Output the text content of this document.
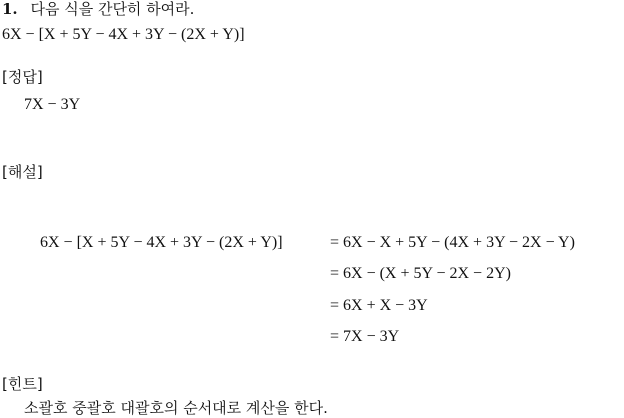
1. 다음 식을 간단히 하여라.
6X − [X + 5Y − 4X + 3Y − (2X + Y)]
[정답]
7X − 3Y
[해설]
6X − [X + 5Y − 4X + 3Y − (2X + Y)]	= 6X − X + 5Y − (4X + 3Y − 2X − Y)
= 6X − (X + 5Y − 2X − 2Y)
= 6X + X − 3Y
= 7X − 3Y
[힌트]
소괄호 중괄호 대괄호의 순서대로 계산을 한다.
